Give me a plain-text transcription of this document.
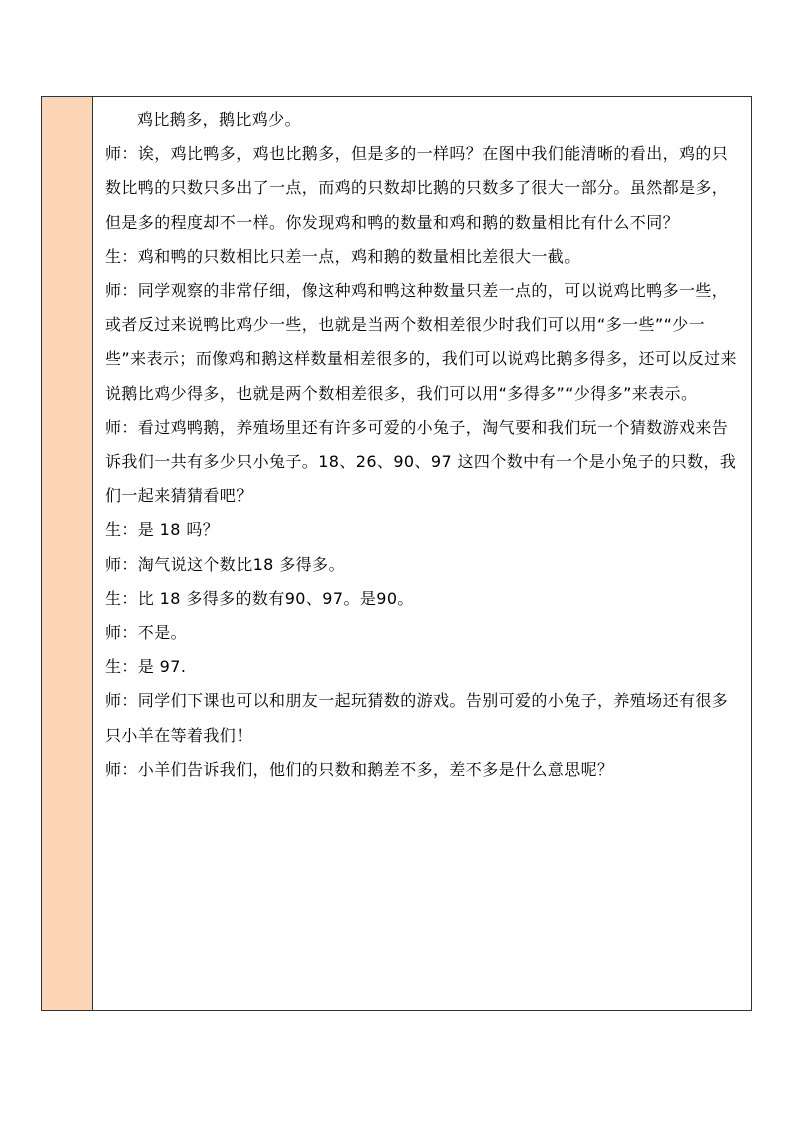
鸡比鹅多，鹅比鸡少。

师：诶，鸡比鸭多，鸡也比鹅多，但是多的一样吗？在图中我们能清晰的看出，鸡的只数比鸭的只数只多出了一点，而鸡的只数却比鹅的只数多了很大一部分。虽然都是多，但是多的程度却不一样。你发现鸡和鸭的数量和鸡和鹅的数量相比有什么不同？

生：鸡和鸭的只数相比只差一点，鸡和鹅的数量相比差很大一截。

师：同学观察的非常仔细，像这种鸡和鸭这种数量只差一点的，可以说鸡比鸭多一些，或者反过来说鸭比鸡少一些，也就是当两个数相差很少时我们可以用“多一些”“少一些”来表示；而像鸡和鹅这样数量相差很多的，我们可以说鸡比鹅多得多，还可以反过来说鹅比鸡少得多，也就是两个数相差很多，我们可以用“多得多”“少得多”来表示。

师：看过鸡鸭鹅，养殖场里还有许多可爱的小兔子，淘气要和我们玩一个猜数游戏来告诉我们一共有多少只小兔子。18、26、90、97 这四个数中有一个是小兔子的只数，我们一起来猜猜看吧？

生：是 18 吗？

师：淘气说这个数比18 多得多。

生：比 18 多得多的数有90、97。是90。

师：不是。

生：是 97.

师：同学们下课也可以和朋友一起玩猜数的游戏。告别可爱的小兔子，养殖场还有很多只小羊在等着我们！

师：小羊们告诉我们，他们的只数和鹅差不多，差不多是什么意思呢？
